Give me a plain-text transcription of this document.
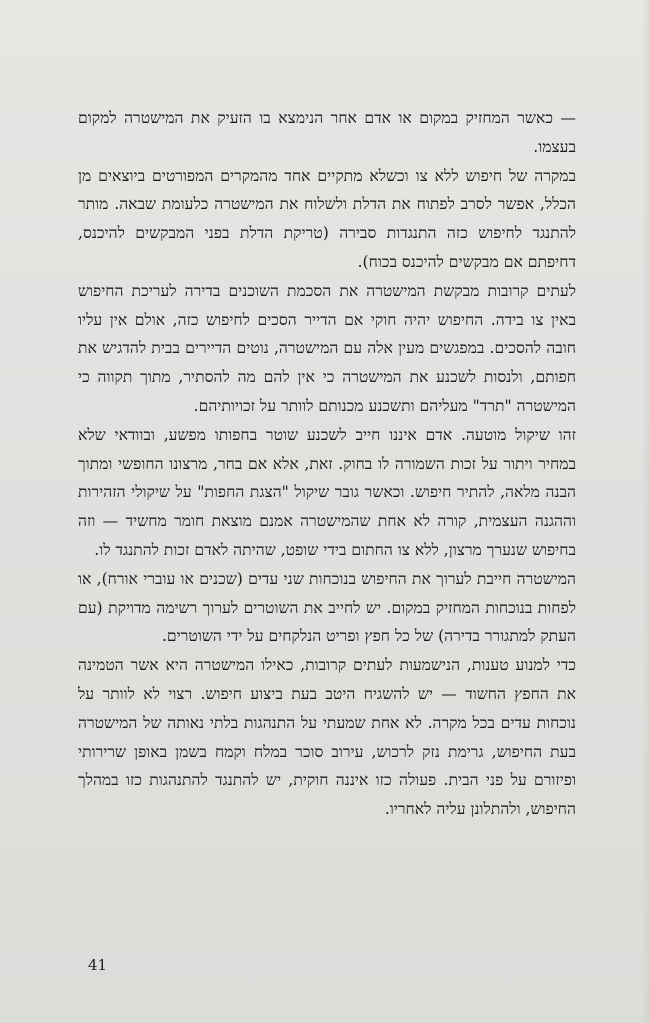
— כאשר המחזיק במקום או אדם אחר הנימצא בו הזעיק את המישטרה למקום בעצמו.

במקרה של חיפוש ללא צו וכשלא מתקיים אחד מהמקרים המפורטים ביוצאים מן הכלל, אפשר לסרב לפתוח את הדלת ולשלוח את המישטרה כלעומת שבאה. מותר להתנגד לחיפוש כזה התנגדות סבירה (טריקת הדלת בפני המבקשים להיכנס, דחיפתם אם מבקשים להיכנס בכוח).

לעתים קרובות מבקשת המישטרה את הסכמת השוכנים בדירה לעריכת החיפוש באין צו בידה. החיפוש יהיה חוקי אם הדייר הסכים לחיפוש כזה, אולם אין עליו חובה להסכים. במפגשים מעין אלה עם המישטרה, נוטים הדיירים בבית להדגיש את חפותם, ולנסות לשכנע את המישטרה כי אין להם מה להסתיר, מתוך תקווה כי המישטרה "תרד" מעליהם ותשכנע מכנותם לוותר על זכויותיהם.

זהו שיקול מוטעה. אדם איננו חייב לשכנע שוטר בחפותו מפשע, ובוודאי שלא במחיר ויתור על זכות השמורה לו בחוק. זאת, אלא אם בחר, מרצונו החופשי ומתוך הבנה מלאה, להתיר חיפוש. וכאשר גובר שיקול "הצגת החפות" על שיקולי הזהירות וההגנה העצמית, קורה לא אחת שהמישטרה אמנם מוצאת חומר מחשיד — וזה בחיפוש שנערך מרצון, ללא צו החתום בידי שופט, שהיתה לאדם זכות להתנגד לו.

המישטרה חייבת לערוך את החיפוש בנוכחות שני עדים (שכנים או עוברי אורח), או לפחות בנוכחות המחזיק במקום. יש לחייב את השוטרים לערוך רשימה מדויקת (עם העתק למתגורר בדירה) של כל חפץ ופריט הנלקחים על ידי השוטרים.

כדי למנוע טענות, הנישמעות לעתים קרובות, כאילו המישטרה היא אשר הטמינה את החפץ החשוד — יש להשגיח היטב בעת ביצוע חיפוש. רצוי לא לוותר על נוכחות עדים בכל מקרה. לא אחת שמעתי על התנהגות בלתי נאותה של המישטרה בעת החיפוש, גרימת נזק לרכוש, עירוב סוכר במלח וקמח בשמן באופן שרירותי ופיזורם על פני הבית. פעולה כזו איננה חוקית, יש להתנגד להתנהגות כזו במהלך החיפוש, ולהתלונן עליה לאחריו.

41
